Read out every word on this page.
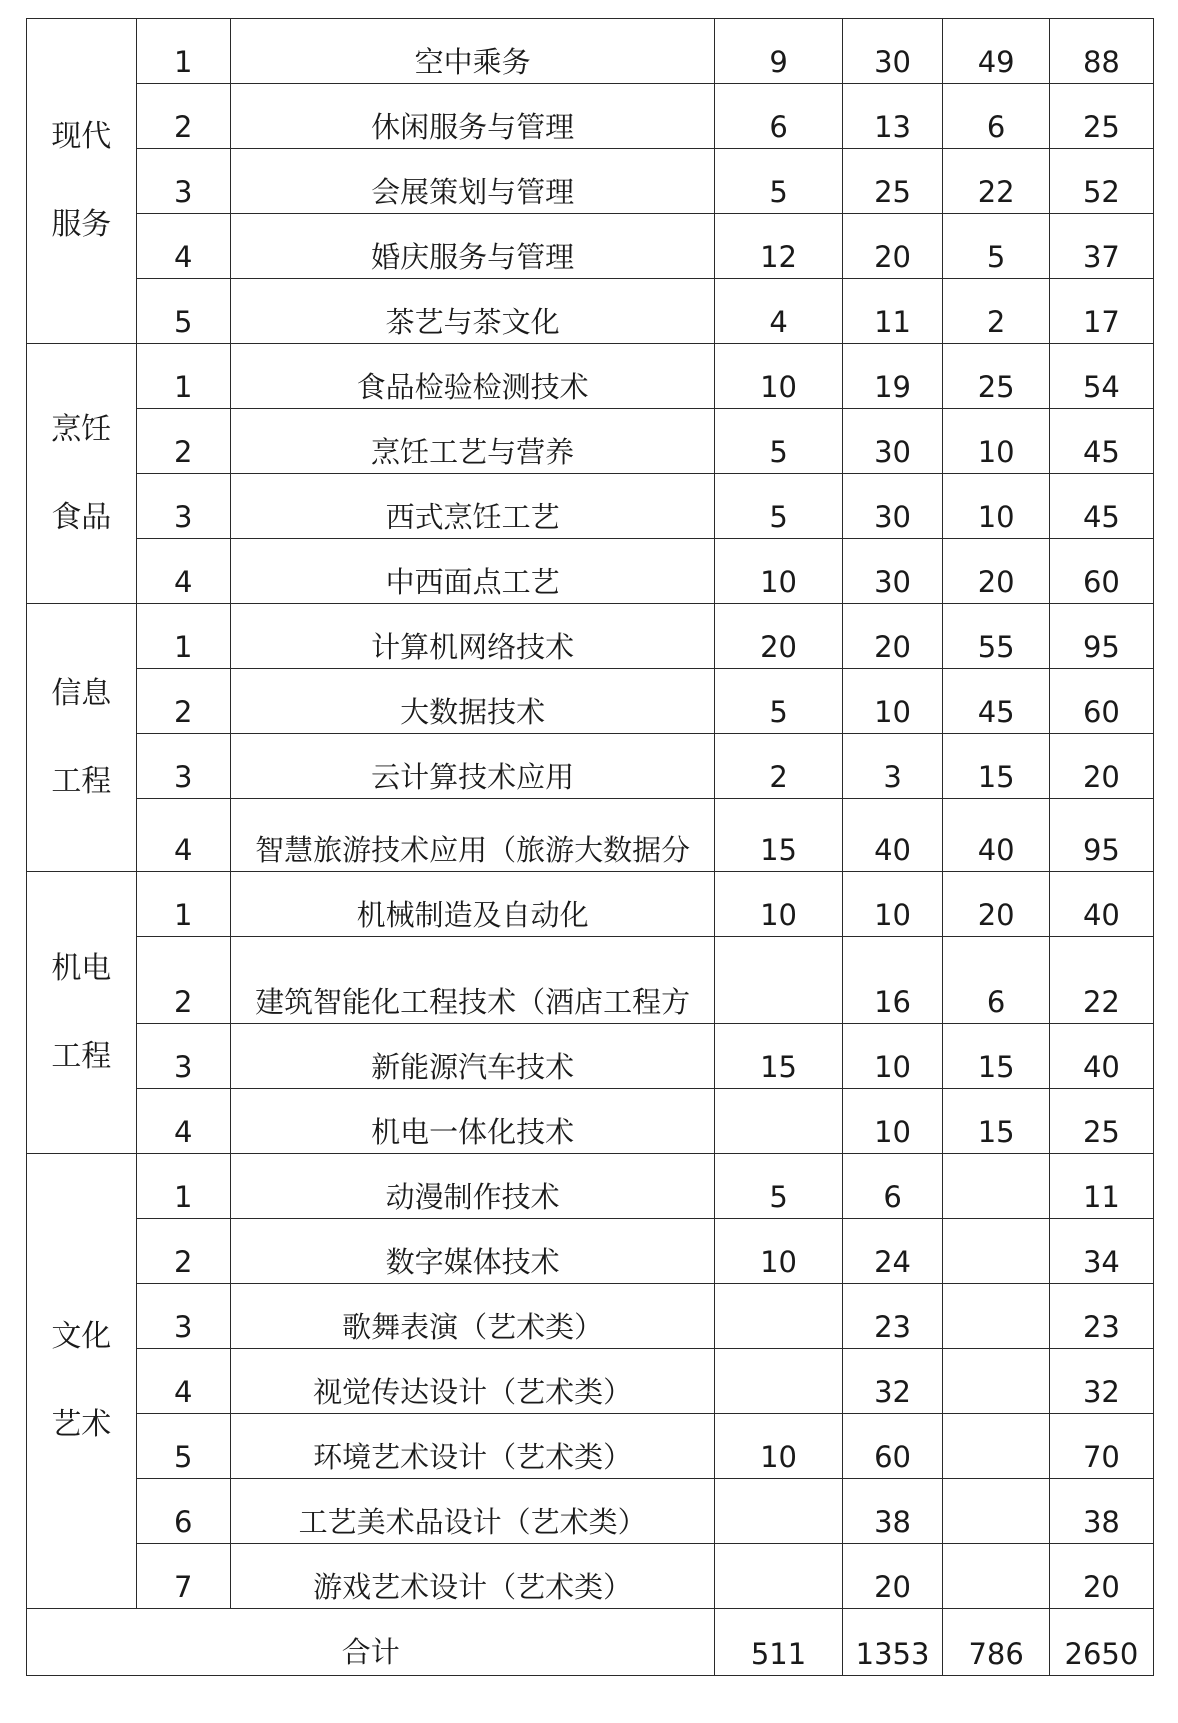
现代
服务	1	空中乘务	9	30	49	88
	2	休闲服务与管理	6	13	6	25
	3	会展策划与管理	5	25	22	52
	4	婚庆服务与管理	12	20	5	37
	5	茶艺与茶文化	4	11	2	17

烹饪
食品	1	食品检验检测技术	10	19	25	54
	2	烹饪工艺与营养	5	30	10	45
	3	西式烹饪工艺	5	30	10	45
	4	中西面点工艺	10	30	20	60

信息
工程	1	计算机网络技术	20	20	55	95
	2	大数据技术	5	10	45	60
	3	云计算技术应用	2	3	15	20
	4	智慧旅游技术应用（旅游大数据分	15	40	40	95

机电
工程	1	机械制造及自动化	10	10	20	40
	2	建筑智能化工程技术（酒店工程方		16	6	22
	3	新能源汽车技术	15	10	15	40
	4	机电一体化技术		10	15	25

文化
艺术	1	动漫制作技术	5	6		11
	2	数字媒体技术	10	24		34
	3	歌舞表演（艺术类）		23		23
	4	视觉传达设计（艺术类）		32		32
	5	环境艺术设计（艺术类）	10	60		70
	6	工艺美术品设计（艺术类）		38		38
	7	游戏艺术设计（艺术类）		20		20
合计			511	1353	786	2650
